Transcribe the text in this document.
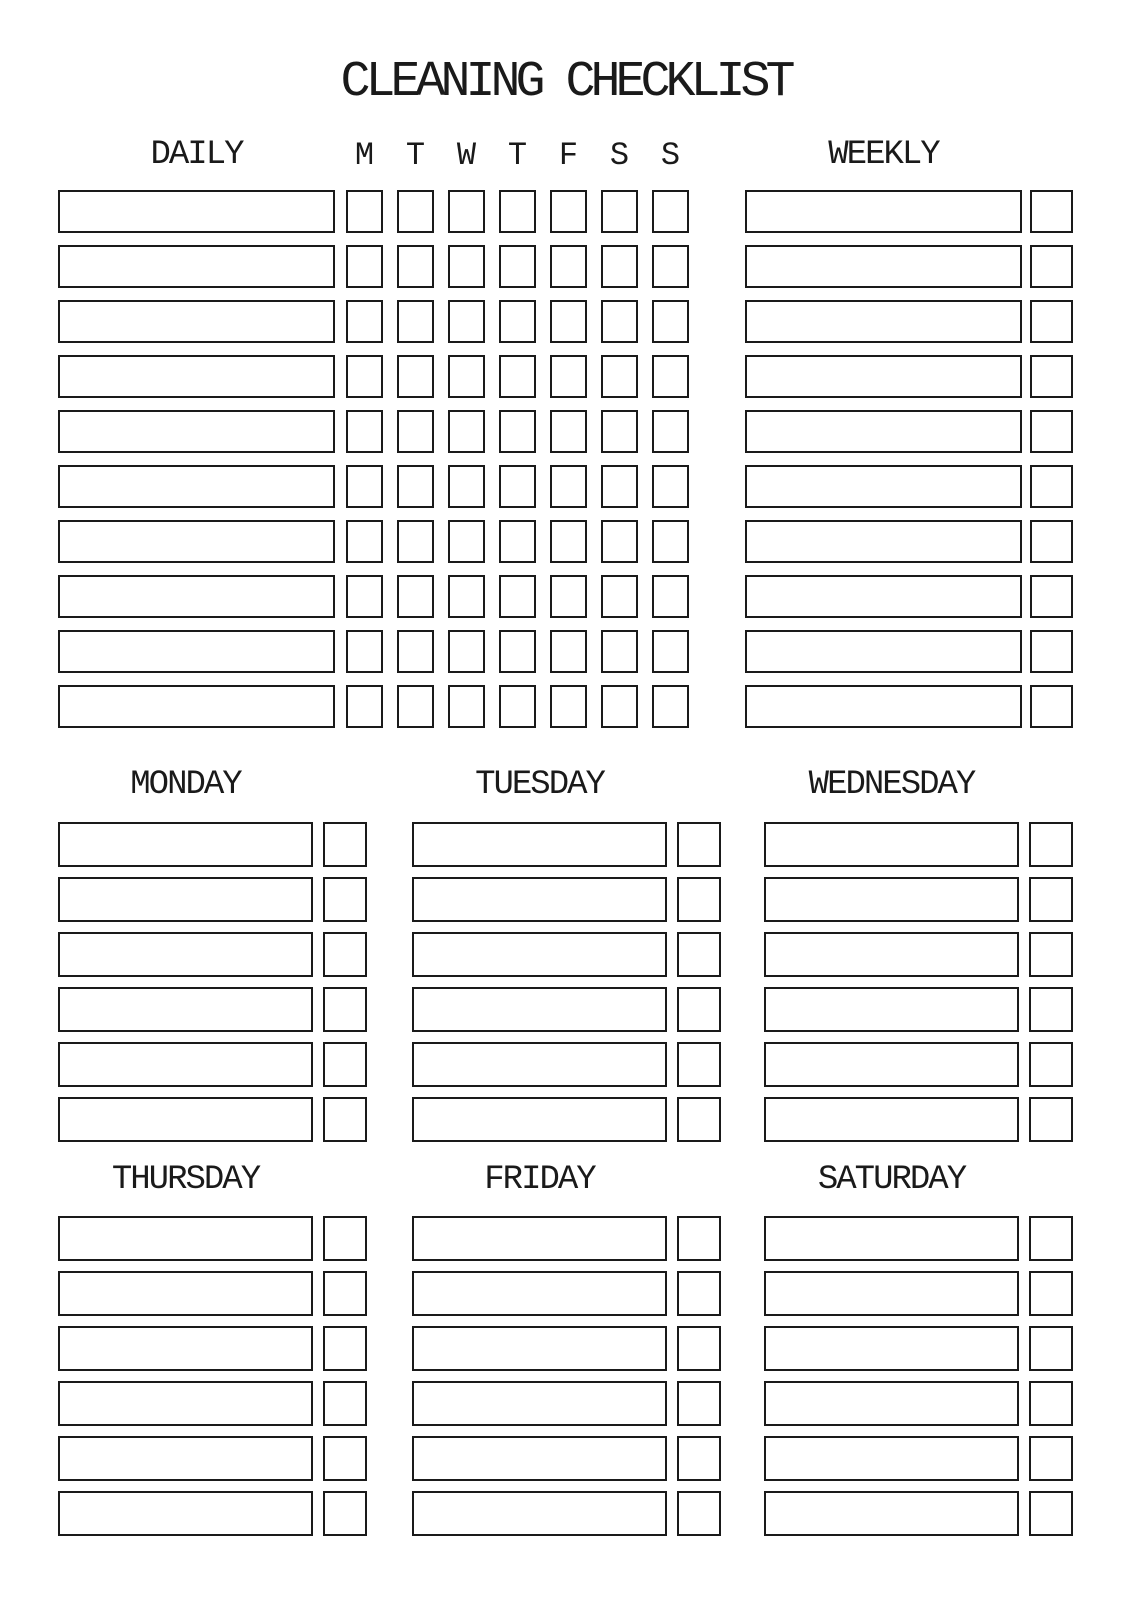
CLEANING CHECKLIST
DAILY	M T W T F S S	WEEKLY
MONDAY	TUESDAY	WEDNESDAY
THURSDAY	FRIDAY	SATURDAY
